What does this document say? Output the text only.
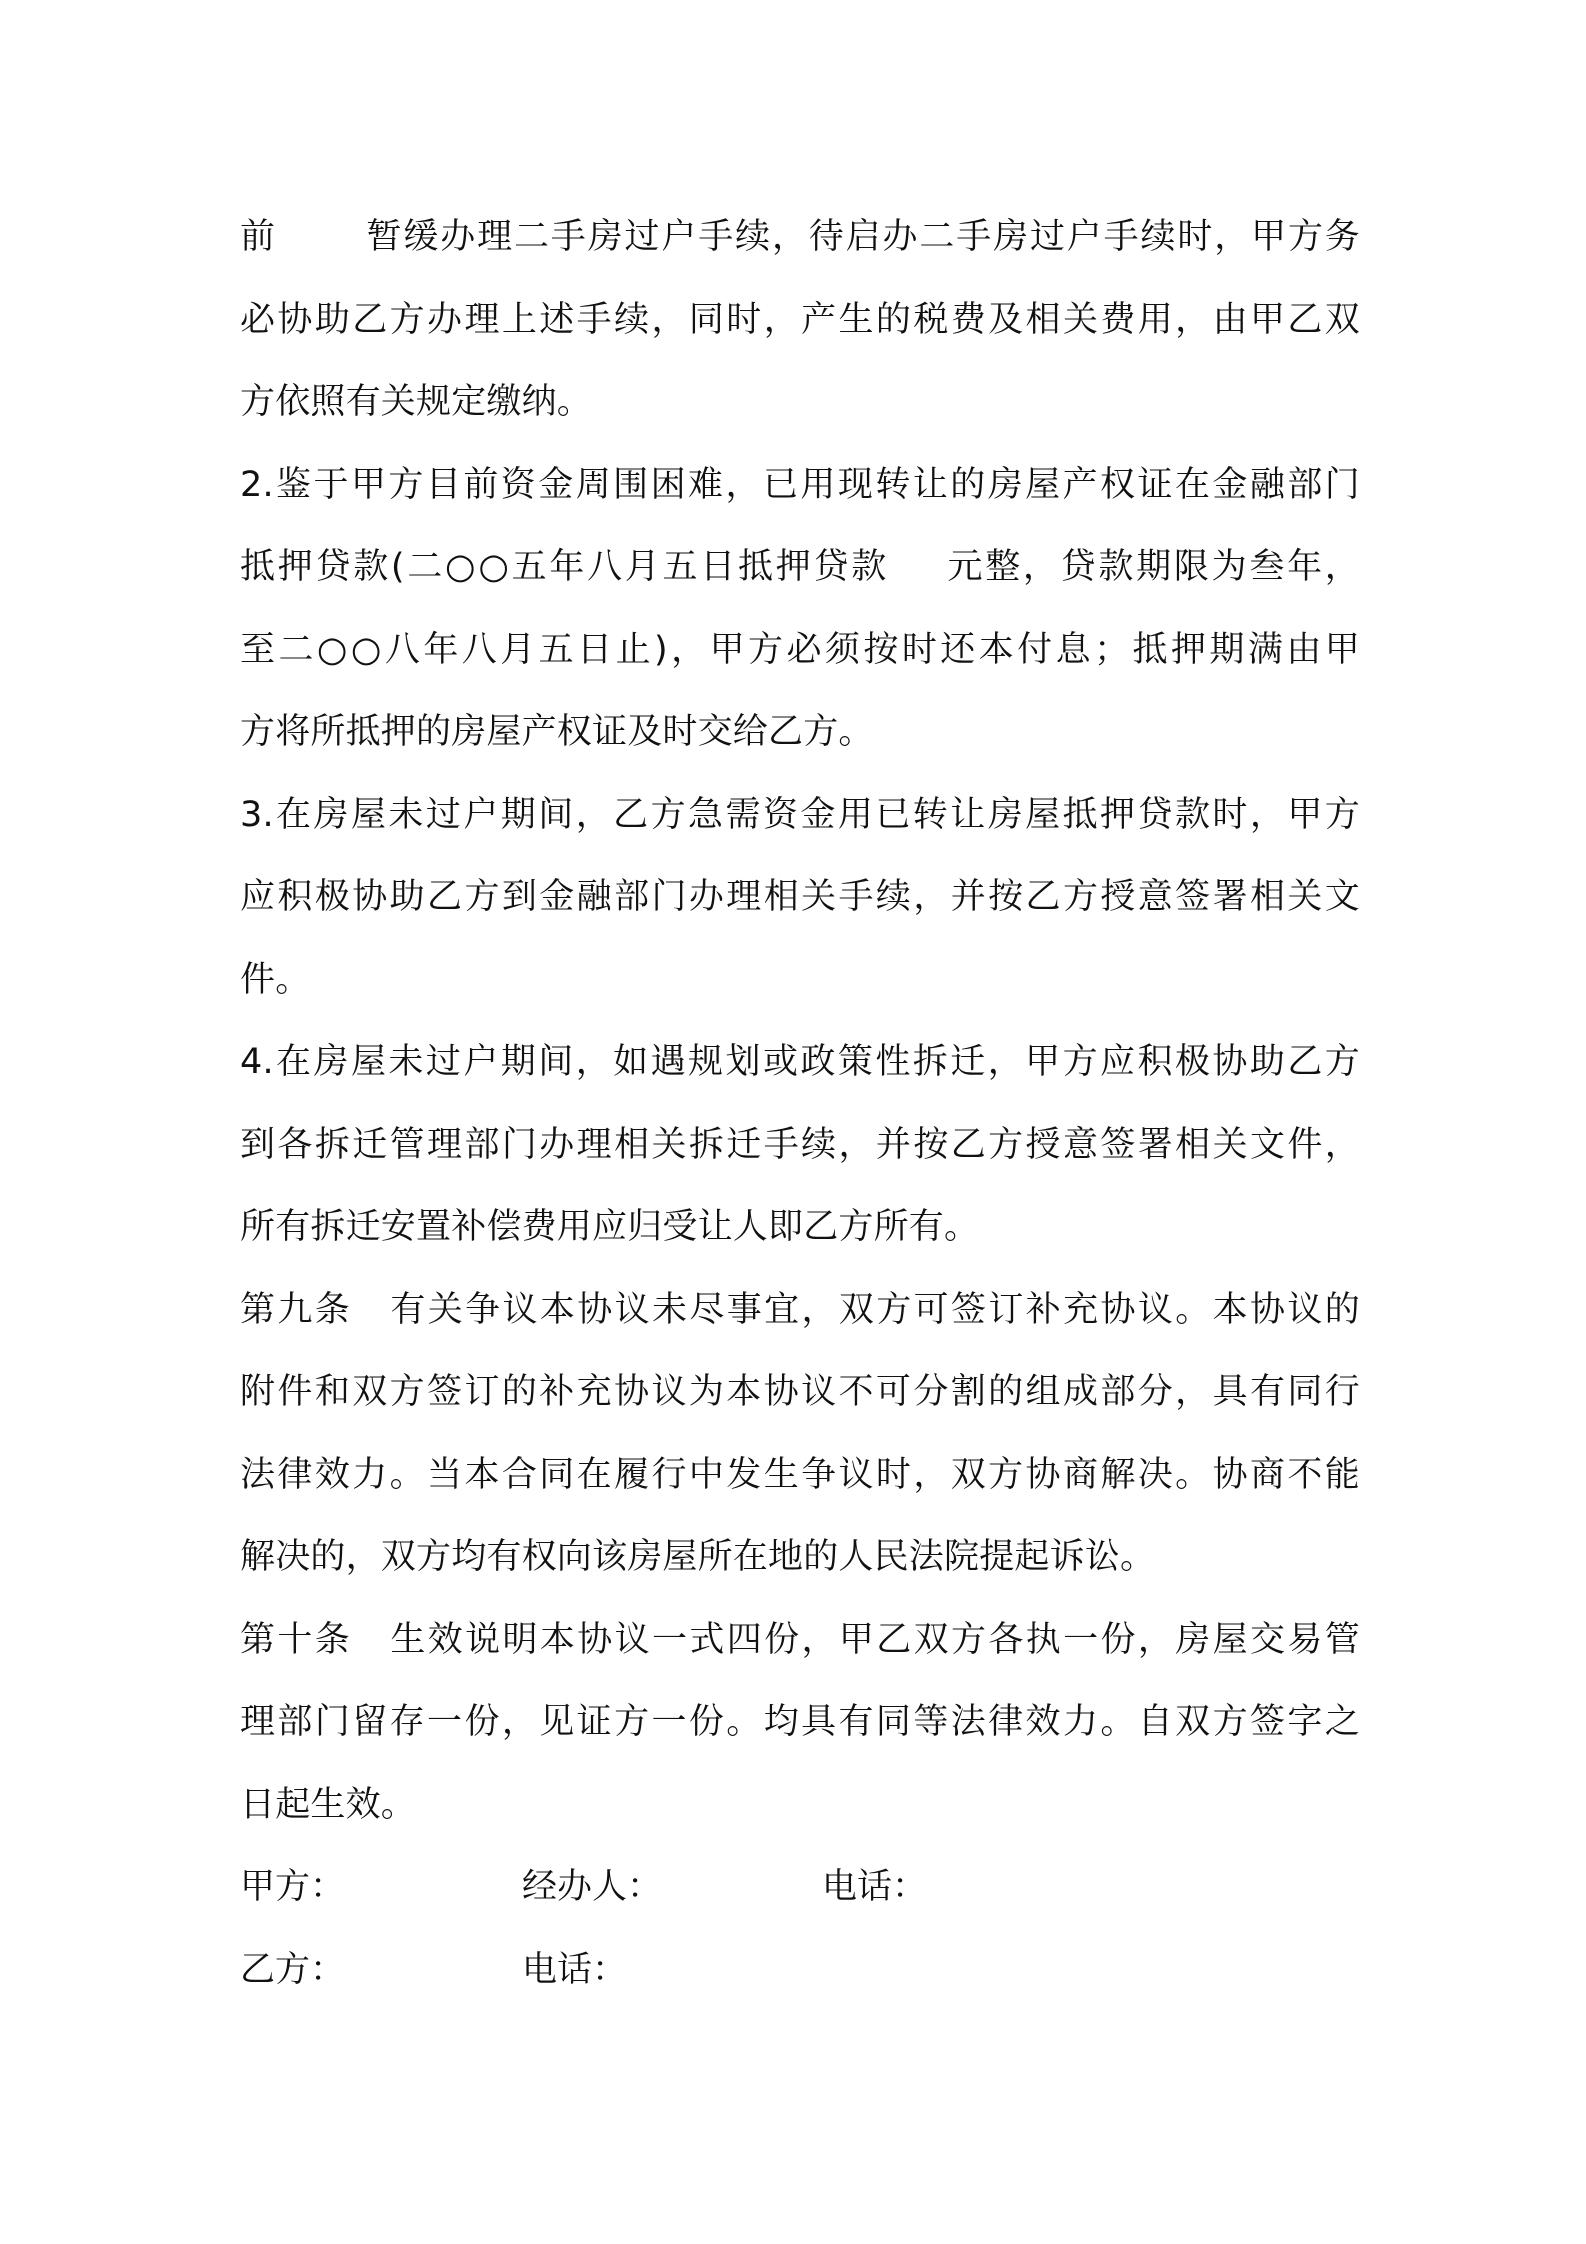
前	暂缓办理二手房过户手续，待启办二手房过户手续时，甲方务
必协助乙方办理上述手续，同时，产生的税费及相关费用，由甲乙双
方依照有关规定缴纳。
2.鉴于甲方目前资金周围困难，已用现转让的房屋产权证在金融部门
抵押贷款(二○○五年八月五日抵押贷款 元整，贷款期限为叁年，
至二○○八年八月五日止)，甲方必须按时还本付息；抵押期满由甲
方将所抵押的房屋产权证及时交给乙方。
3.在房屋未过户期间，乙方急需资金用已转让房屋抵押贷款时，甲方
应积极协助乙方到金融部门办理相关手续，并按乙方授意签署相关文
件。
4.在房屋未过户期间，如遇规划或政策性拆迁，甲方应积极协助乙方
到各拆迁管理部门办理相关拆迁手续，并按乙方授意签署相关文件，
所有拆迁安置补偿费用应归受让人即乙方所有。
第九条 有关争议本协议未尽事宜，双方可签订补充协议。本协议的
附件和双方签订的补充协议为本协议不可分割的组成部分，具有同行
法律效力。当本合同在履行中发生争议时，双方协商解决。协商不能
解决的，双方均有权向该房屋所在地的人民法院提起诉讼。
第十条 生效说明本协议一式四份，甲乙双方各执一份，房屋交易管
理部门留存一份，见证方一份。均具有同等法律效力。自双方签字之
日起生效。
甲方：	经办人：	电话：
乙方：	电话：
